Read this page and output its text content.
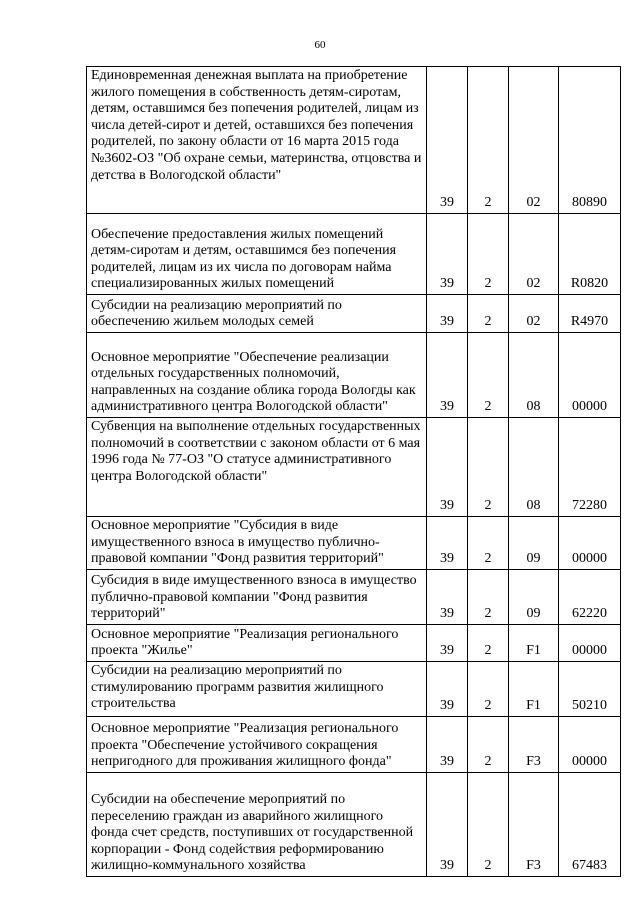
60
Единовременная денежная выплата на приобретение жилого помещения в собственность детям-сиротам, детям, оставшимся без попечения родителей, лицам из числа детей-сирот и детей, оставшихся без попечения родителей, по закону области от 16 марта 2015 года №3602-ОЗ "Об охране семьи, материнства, отцовства и детства в Вологодской области"	39	2	02	80890
Обеспечение предоставления жилых помещений детям-сиротам и детям, оставшимся без попечения родителей, лицам из их числа по договорам найма специализированных жилых помещений	39	2	02	R0820
Субсидии на реализацию мероприятий по обеспечению жильем молодых семей	39	2	02	R4970
Основное мероприятие "Обеспечение реализации отдельных государственных полномочий, направленных на создание облика города Вологды как административного центра Вологодской области"	39	2	08	00000

Субвенция на выполнение отдельных государственных полномочий в соответствии с законом области от 6 мая 1996 года № 77-ОЗ "О статусе административного центра Вологодской области"	39	2	08	72280
Основное мероприятие "Субсидия в виде имущественного взноса в имущество публично-правовой компании "Фонд развития территорий"	39	2	09	00000
Субсидия в виде имущественного взноса в имущество публично-правовой компании "Фонд развития территорий"	39	2	09	62220
Основное мероприятие "Реализация регионального проекта "Жилье"	39	2	F1	00000

Субсидии на реализацию мероприятий по стимулированию программ развития жилищного строительства	39	2	F1	50210
Основное мероприятие "Реализация регионального проекта "Обеспечение устойчивого сокращения непригодного для проживания жилищного фонда"	39	2	F3	00000
Субсидии на обеспечение мероприятий по переселению граждан из аварийного жилищного фонда счет средств, поступивших от государственной корпорации - Фонд содействия реформированию жилищно-коммунального хозяйства	39	2	F3	67483
